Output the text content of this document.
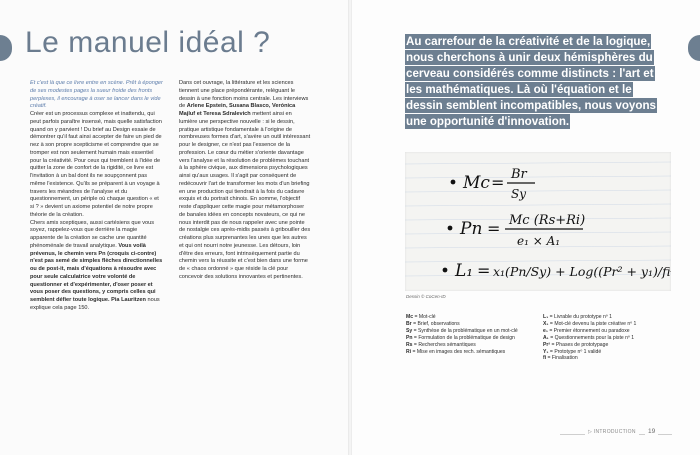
Le manuel idéal ?

Et c'est là que ce livre entre en scène. Prêt à éponger de ses modestes pages la sueur froide des fronts perplexes, il encourage à oser se lancer dans le vide créatif.

Créer est un processus complexe et inattendu, qui peut parfois paraître insensé, mais quelle satisfaction quand on y parvient ! Du brief au Design essaie de démontrer qu'il faut ainsi accepter de faire un pied de nez à son propre scepticisme et comprendre que se tromper est non seulement humain mais essentiel pour la créativité. Pour ceux qui tremblent à l'idée de quitter la zone de confort de la rigidité, ce livre est l'invitation à un bal dont ils ne soupçonnent pas même l'existence. Qu'ils se préparent à un voyage à travers les méandres de l'analyse et du questionnement, un périple où chaque question « et si ? » devient un axiome potentiel de notre propre théorie de la création.

Chers amis sceptiques, aussi cartésiens que vous soyez, rappelez-vous que derrière la magie apparente de la création se cache une quantité phénoménale de travail analytique. Vous voilà prévenus, le chemin vers Pn (croquis ci-contre) n'est pas semé de simples flèches directionnelles ou de post-it, mais d'équations à résoudre avec pour seule calculatrice votre volonté de questionner et d'expérimenter, d'oser poser et vous poser des questions, y compris celles qui semblent défier toute logique. Pia Lauritzen nous explique cela page 150.

Dans cet ouvrage, la littérature et les sciences tiennent une place prépondérante, reléguant le dessin à une fonction moins centrale. Les interviews de Arlene Epstein, Susana Blasco, Verónica Majluf et Teresa Sdralevich mettent ainsi en lumière une perspective nouvelle : si le dessin, pratique artistique fondamentale à l'origine de nombreuses formes d'art, s'avère un outil intéressant pour le designer, ce n'est pas l'essence de la profession. Le cœur du métier s'oriente davantage vers l'analyse et la résolution de problèmes touchant à la sphère civique, aux dimensions psychologiques ainsi qu'aux usages. Il s'agit par conséquent de redécouvrir l'art de transformer les mots d'un briefing en une production qui tiendrait à la fois du cadavre exquis et du portrait chinois. En somme, l'objectif reste d'appliquer cette magie pour métamorphoser de banales idées en concepts novateurs, ce qui ne nous interdit pas de nous rappeler avec une pointe de nostalgie ces après-midis passés à gribouiller des créations plus surprenantes les unes que les autres et qui ont nourri notre jeunesse. Les détours, loin d'être des erreurs, font intrinsèquement partie du chemin vers la réussite et c'est bien dans une forme de « chaos ordonné » que réside la clé pour concevoir des solutions innovantes et pertinentes.

Au carrefour de la créativité et de la logique, nous cherchons à unir deux hémisphères du cerveau considérés comme distincts : l'art et les mathématiques. Là où l'équation et le dessin semblent incompatibles, nous voyons une opportunité d'innovation.

Mc = Br
Sy
Pn = Mc (Rs+Ri)
e₁ × A₁
L₁ = x₁(Pn/Sy) + Log((Pr² + y₁)/fi²)
Dessin © CoCen-ID
Mc = Mot-clé
Br = Brief, observations
Sy = Synthèse de la problématique en un mot-clé
Pn = Formulation de la problématique de design
Rs = Recherches sémantiques
Ri = Mise en images des rech. sémantiques
L₁ = Livrable du prototype nº 1
X₁ = Mot-clé devenu la piste créative nº 1
e₁ = Premier étonnement ou paradoxe
A₁ = Questionnements pour la piste nº 1
Pr² = Phases de prototypage
Y₁ = Prototype nº 1 validé
fi = Finalisation
▷ INTRODUCTION	19
